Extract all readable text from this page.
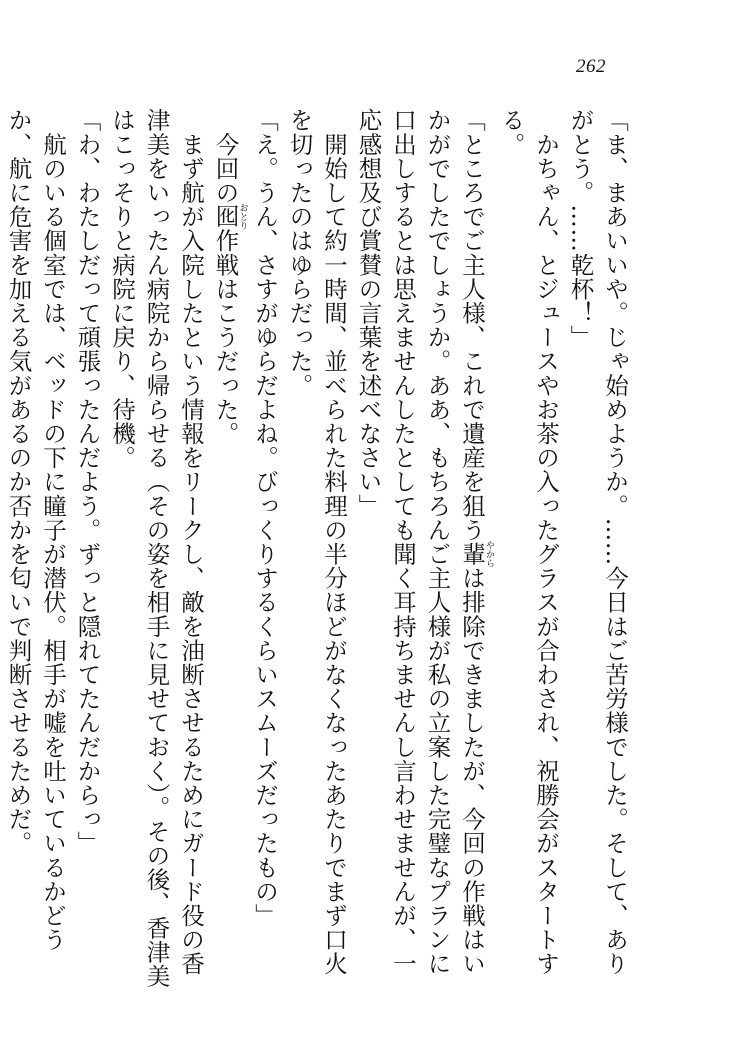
262

「ま、まあいいや。じゃ始めようか。……今日はご苦労様でした。そして、ありがとう。……乾杯！」

　かちゃん、とジュースやお茶の入ったグラスが合わされ、祝勝会がスタートする。

「ところでご主人様、これで遺産を狙う輩やからは排除できましたが、今回の作戦はいかがでしたでしょうか。ああ、もちろんご主人様が私の立案した完璧なプランに口出しするとは思えませんしたとしても聞く耳持ちませんし言わせませんが、一応感想及び賞賛の言葉を述べなさい」

　開始して約一時間、並べられた料理の半分ほどがなくなったあたりでまず口火を切ったのはゆらだった。

「え。うん、さすがゆらだよね。びっくりするくらいスムーズだったもの」

　今回の囮おとり作戦はこうだった。

　まず航が入院したという情報をリークし、敵を油断させるためにガード役の香津美をいったん病院から帰らせる（その姿を相手に見せておく）。その後、香津美はこっそりと病院に戻り、待機。

「わ、わたしだって頑張ったんだよう。ずっと隠れてたんだからっ」

　航のいる個室では、ベッドの下に瞳子が潜伏。相手が嘘を吐いているかどうか、航に危害を加える気があるのか否かを匂いで判断させるためだ。
